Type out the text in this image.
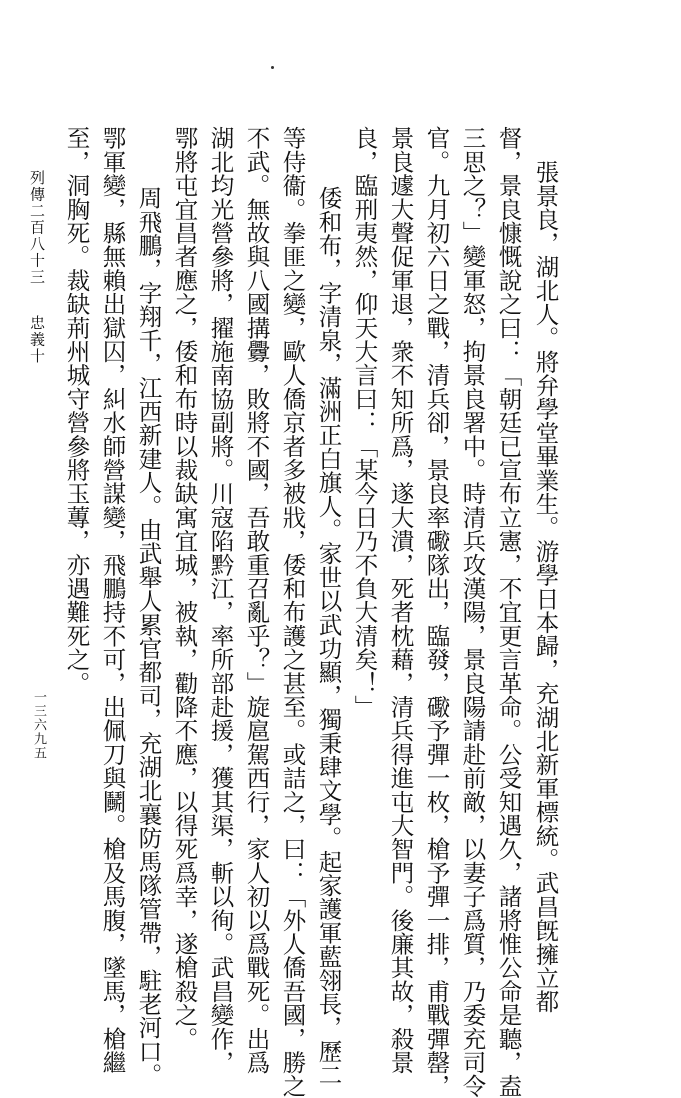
張景良，湖北人。將弁學堂畢業生。游學日本歸，充湖北新軍標統。武昌旣擁立都
督，景良慷慨說之曰：「朝廷已宣布立憲，不宜更言革命。公受知遇久，諸將惟公命是聽，盍
三思之？」變軍怒，拘景良署中。時清兵攻漢陽，景良陽請赴前敵，以妻子爲質，乃委充司令
官。九月初六日之戰，清兵卻，景良率礮隊出，臨發，礮予彈一枚，槍予彈一排，甫戰彈罄，
景良遽大聲促軍退，衆不知所爲，遂大潰，死者枕藉，清兵得進屯大智門。後廉其故，殺景
良，臨刑夷然，仰天大言曰：「某今日乃不負大清矣！」
倭和布，字清泉，滿洲正白旗人。家世以武功顯，獨秉肆文學。起家護軍藍翎長，歷二
等侍衞。拳匪之變，歐人僑京者多被戕，倭和布護之甚至。或詰之，曰：「外人僑吾國，勝之
不武。無故與八國搆釁，敗將不國，吾敢重召亂乎？」旋扈駕西行，家人初以爲戰死。出爲
湖北均光營參將，擢施南協副將。川寇陷黔江，率所部赴援，獲其渠，斬以徇。武昌變作，
鄂將屯宜昌者應之，倭和布時以裁缺寓宜城，被執，勸降不應，以得死爲幸，遂槍殺之。
周飛鵬，字翔千，江西新建人。由武舉人累官都司，充湖北襄防馬隊管帶，駐老河口。
鄂軍變，縣無賴出獄囚，糾水師營謀變，飛鵬持不可，出佩刀與鬭。槍及馬腹，墜馬，槍繼
至，洞胸死。裁缺荊州城守營參將玉蓴，亦遇難死之。
列傳二百八十三
忠義十
一三六九五
